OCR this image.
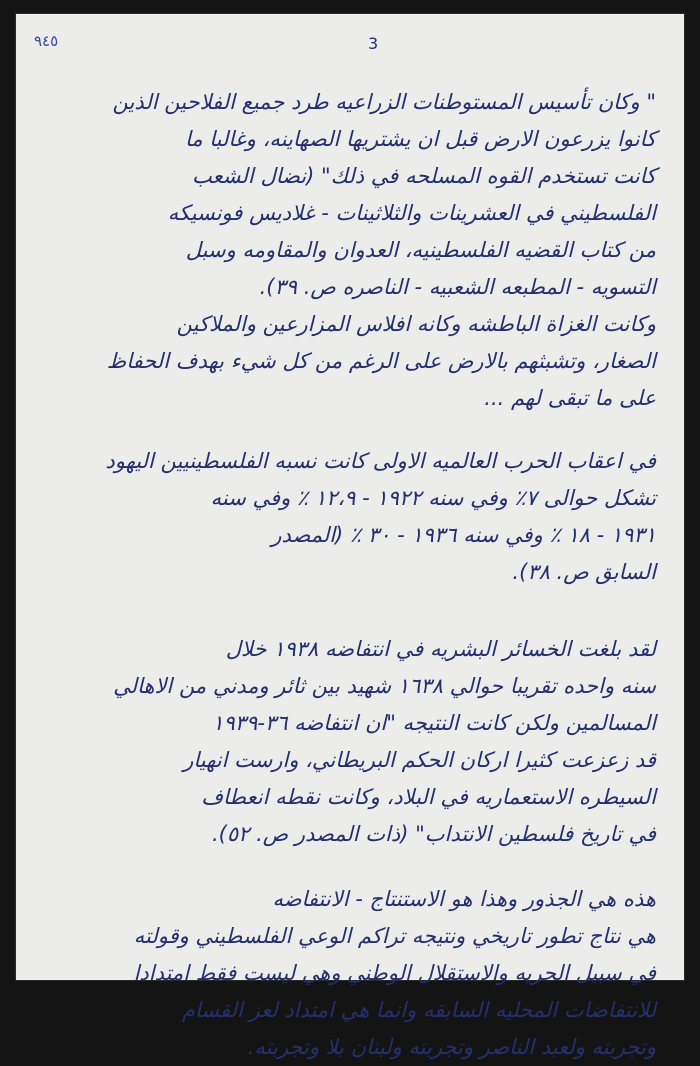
٩٤٥	3
" وكان تأسيس المستوطنات الزراعيه طرد جميع الفلاحين الذين
كانوا يزرعون الارض قبل ان يشتريها الصهاينه، وغالبا ما
كانت تستخدم القوه المسلحه في ذلك" (نضال الشعب
الفلسطيني في العشرينات والثلاثينات - غلاديس فونسيكه
من كتاب القضيه الفلسطينيه، العدوان والمقاومه وسبل
التسويه - المطبعه الشعبيه - الناصره ص. ٣٩).
وكانت الغزاة الباطشه وكانه افلاس المزارعين والملاكين
الصغار، وتشبثهم بالارض على الرغم من كل شيء بهدف الحفاظ
على ما تبقى لهم ...
في اعقاب الحرب العالميه الاولى كانت نسبه الفلسطينيين اليهود
تشكل حوالى ٧٪ وفي سنه ١٩٢٢ - ١٢،٩ ٪ وفي سنه
١٩٣١ - ١٨ ٪ وفي سنه ١٩٣٦ - ٣٠ ٪ (المصدر
السابق ص. ٣٨).
لقد بلغت الخسائر البشريه في انتفاضه ١٩٣٨ خلال
سنه واحده تقريبا حوالي ١٦٣٨ شهيد بين ثائر ومدني من الاهالي
المسالمين ولكن كانت النتيجه "ان انتفاضه ٣٦-١٩٣٩
قد زعزعت كثيرا اركان الحكم البريطاني، وارست انهيار
السيطره الاستعماريه في البلاد، وكانت نقطه انعطاف
في تاريخ فلسطين الانتداب" (ذات المصدر ص. ٥٢).
هذه هي الجذور وهذا هو الاستنتاج - الانتفاضه
هي نتاج تطور تاريخي ونتيجه تراكم الوعي الفلسطيني وقولته
في سبيل الحريه والاستقلال الوطني وهي ليست فقط امتدادا
للانتفاضات المحليه السابقه وانما هي امتداد لعز القسام
وتجربته ولعبد الناصر وتجربته ولبنان بلا وتجربته.
